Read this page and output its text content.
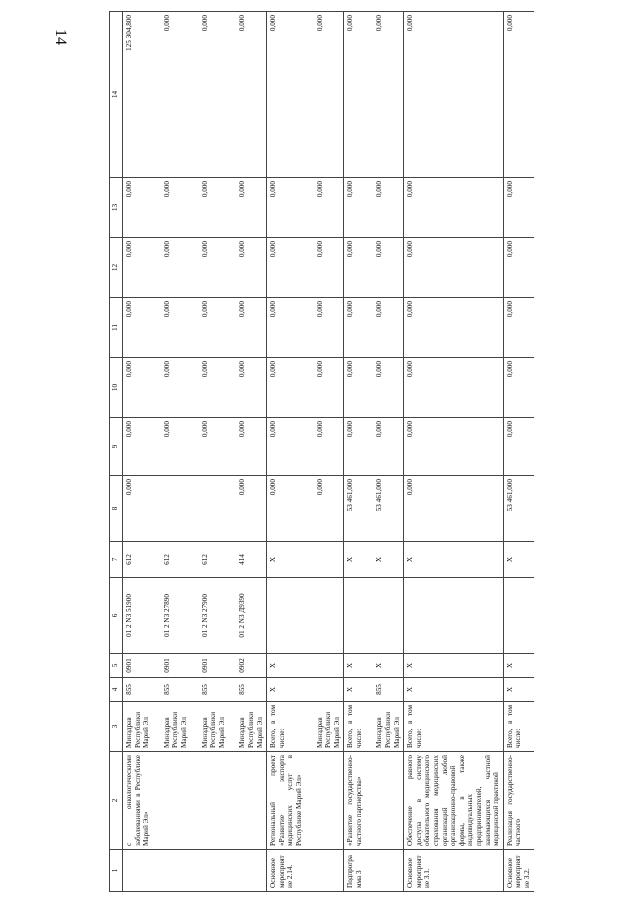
14
1	2	3	4	5	6	7	8	9	10	11	12	13	14
	с онкологическими заболеваниями в Республике Марий Эл»	Минздрав Республики Марий Эл	855	0901	01 2 N3 51900	612	0,000	0,000	0,000	0,000	0,000	0,000	125 304,800
		Минздрав Республики Марий Эл	855	0901	01 2 N3 27890	612		0,000	0,000	0,000	0,000	0,000	0,000
		Минздрав Республики Марий Эл	855	0901	01 2 N3 27900	612		0,000	0,000	0,000	0,000	0,000	0,000
		Минздрав Республики Марий Эл	855	0902	01 2 N3 Д9390	414	0,000	0,000	0,000	0,000	0,000	0,000	0,000
Основное мероприятие 2.14.	Региональный проект «Развитие экспорта медицинских услуг в Республике Марий Эл»	Всего, в том числе:	X	X		X	0,000	0,000	0,000	0,000	0,000	0,000	0,000
		Минздрав Республики Марий Эл					0,000	0,000	0,000	0,000	0,000	0,000	0,000
Подпрограмма 3	«Развитие государственно-частного партнерства»	Всего, в том числе:	X	X		X	53 461,000	0,000	0,000	0,000	0,000	0,000	0,000
		Минздрав Республики Марий Эл	855	X		X	53 461,000	0,000	0,000	0,000	0,000	0,000	0,000
Основное мероприятие 3.1.	Обеспечение равного доступа в систему обязательного медицинского страхования медицинских организаций любой организационно-правовой формы, в также индивидуальных предпринимателей, занимающихся частной медицинской практикой	Всего, в том числе:	X	X		X	0,000	0,000	0,000	0,000	0,000	0,000	0,000
Основное мероприятие 3.2.	Реализация государственно-частного	Всего, в том числе:	X	X		X	53 461,000	0,000	0,000	0,000	0,000	0,000	0,000
